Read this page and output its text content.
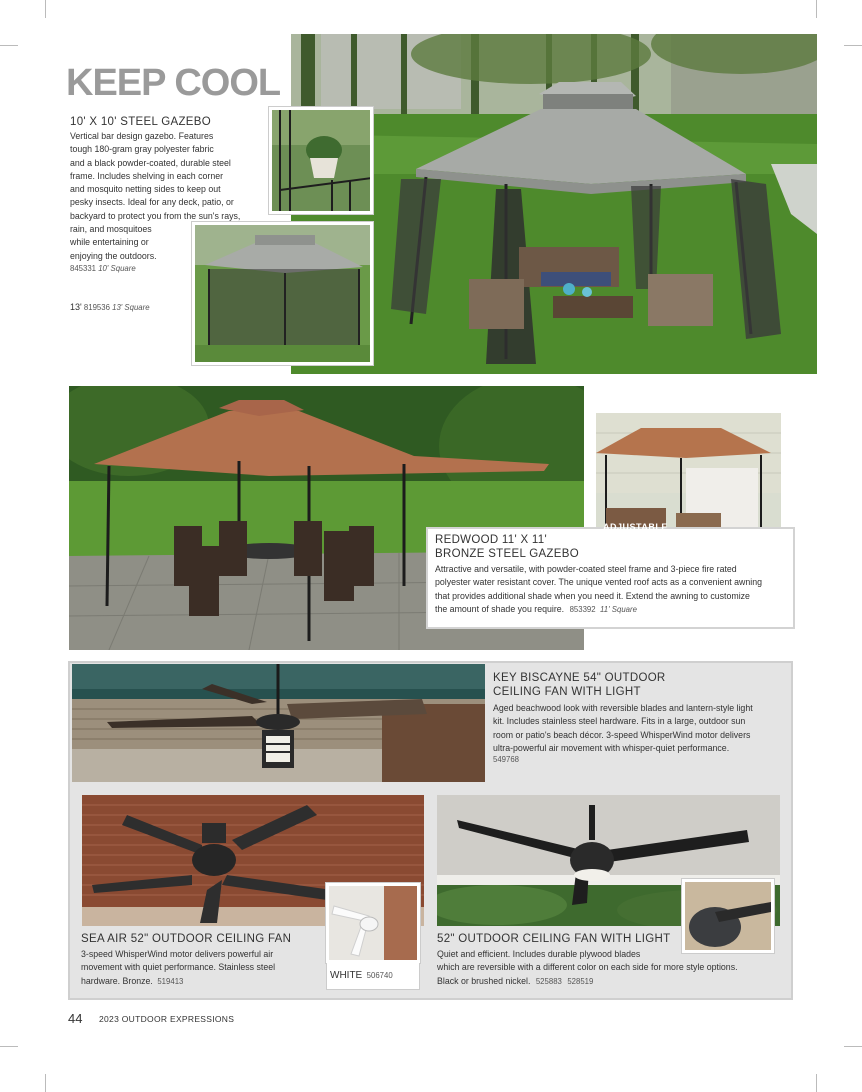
KEEP COOL
10' X 10' STEEL GAZEBO
Vertical bar design gazebo. Features
tough 180-gram gray polyester fabric
and a black powder-coated, durable steel
frame. Includes shelving in each corner
and mosquito netting sides to keep out
pesky insects. Ideal for any deck, patio, or
backyard to protect you from the sun's rays,
rain, and mosquitoes
while entertaining or
enjoying the outdoors.
845331 10' Square
13' 819536 13' Square
ADJUSTABLE
AWNING
REDWOOD 11' X 11'
BRONZE STEEL GAZEBO
Attractive and versatile, with powder-coated steel frame and 3-piece fire rated
polyester water resistant cover. The unique vented roof acts as a convenient awning
that provides additional shade when you need it. Extend the awning to customize
the amount of shade you require. 853392 11' Square
KEY BISCAYNE 54" OUTDOOR
CEILING FAN WITH LIGHT
Aged beachwood look with reversible blades and lantern-style light
kit. Includes stainless steel hardware. Fits in a large, outdoor sun
room or patio's beach décor. 3-speed WhisperWind motor delivers
ultra-powerful air movement with whisper-quiet performance.
549768
SEA AIR 52" OUTDOOR CEILING FAN
3-speed WhisperWind motor delivers powerful air
movement with quiet performance. Stainless steel
hardware. Bronze. 519413
WHITE 506740
52" OUTDOOR CEILING FAN WITH LIGHT
Quiet and efficient. Includes durable plywood blades
which are reversible with a different color on each side for more style options.
Black or brushed nickel. 525883 528519
44 2023 OUTDOOR EXPRESSIONS
